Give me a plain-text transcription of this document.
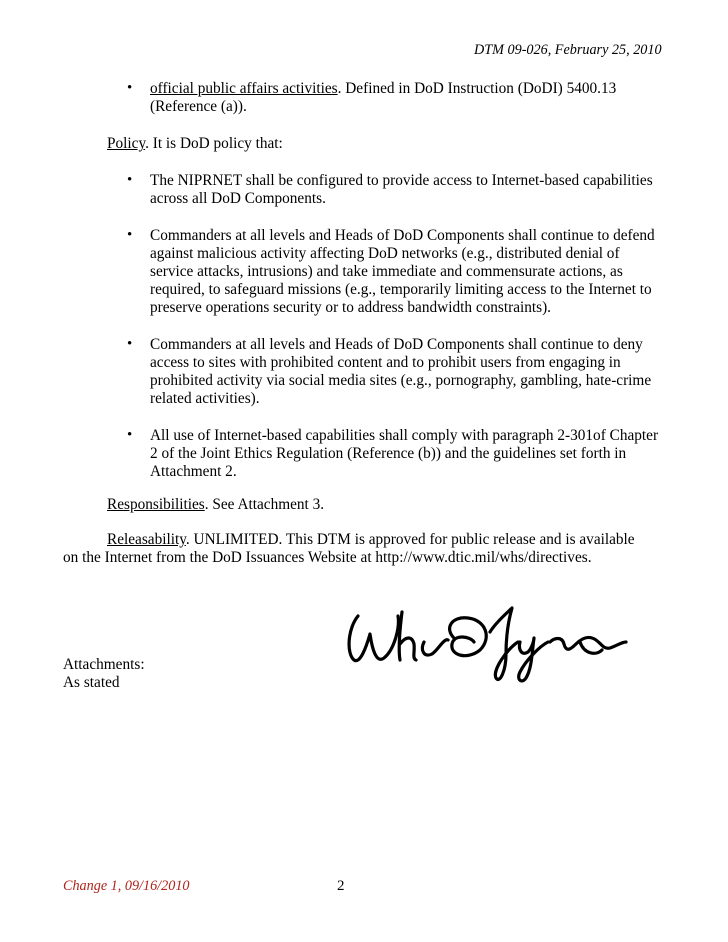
DTM 09-026, February 25, 2010
• official public affairs activities. Defined in DoD Instruction (DoDI) 5400.13
(Reference (a)).
Policy. It is DoD policy that:
• The NIPRNET shall be configured to provide access to Internet-based capabilities
across all DoD Components.
• Commanders at all levels and Heads of DoD Components shall continue to defend
against malicious activity affecting DoD networks (e.g., distributed denial of
service attacks, intrusions) and take immediate and commensurate actions, as
required, to safeguard missions (e.g., temporarily limiting access to the Internet to
preserve operations security or to address bandwidth constraints).
• Commanders at all levels and Heads of DoD Components shall continue to deny
access to sites with prohibited content and to prohibit users from engaging in
prohibited activity via social media sites (e.g., pornography, gambling, hate-crime
related activities).
• All use of Internet-based capabilities shall comply with paragraph 2-301of Chapter
2 of the Joint Ethics Regulation (Reference (b)) and the guidelines set forth in
Attachment 2.
Responsibilities. See Attachment 3.
Releasability. UNLIMITED. This DTM is approved for public release and is available
on the Internet from the DoD Issuances Website at http://www.dtic.mil/whs/directives.
Attachments:
As stated
Change 1, 09/16/2010	2
